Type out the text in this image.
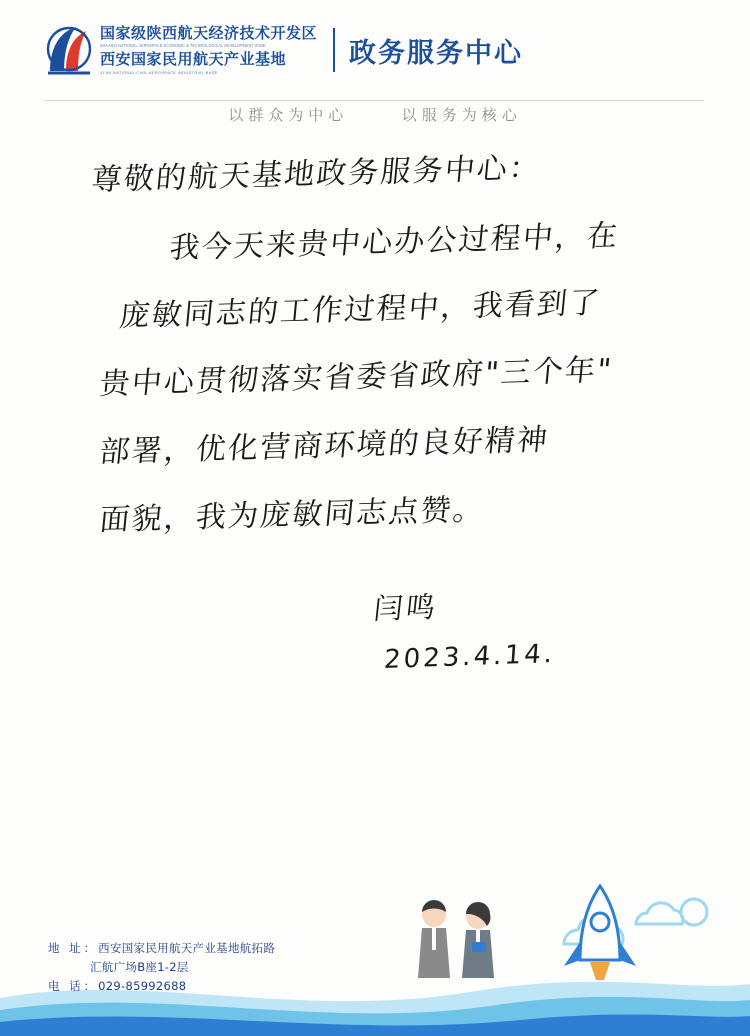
国家级陕西航天经济技术开发区
SHAANXI NATIONAL AEROSPACE ECONOMIC & TECHNOLOGICAL DEVELOPMENT ZONE
西安国家民用航天产业基地
XI'AN NATIONAL CIVIL AEROSPACE INDUSTRIAL BASE
政务服务中心
以群众为中心	以服务为核心
尊敬的航天基地政务服务中心：
我今天来贵中心办公过程中，在
庞敏同志的工作过程中，我看到了
贵中心贯彻落实省委省政府"三个年"
部署，优化营商环境的良好精神
面貌，我为庞敏同志点赞。
闫鸣
2023.4.14.
地 址：西安国家民用航天产业基地航拓路
汇航广场B座1-2层
电 话：029-85992688
